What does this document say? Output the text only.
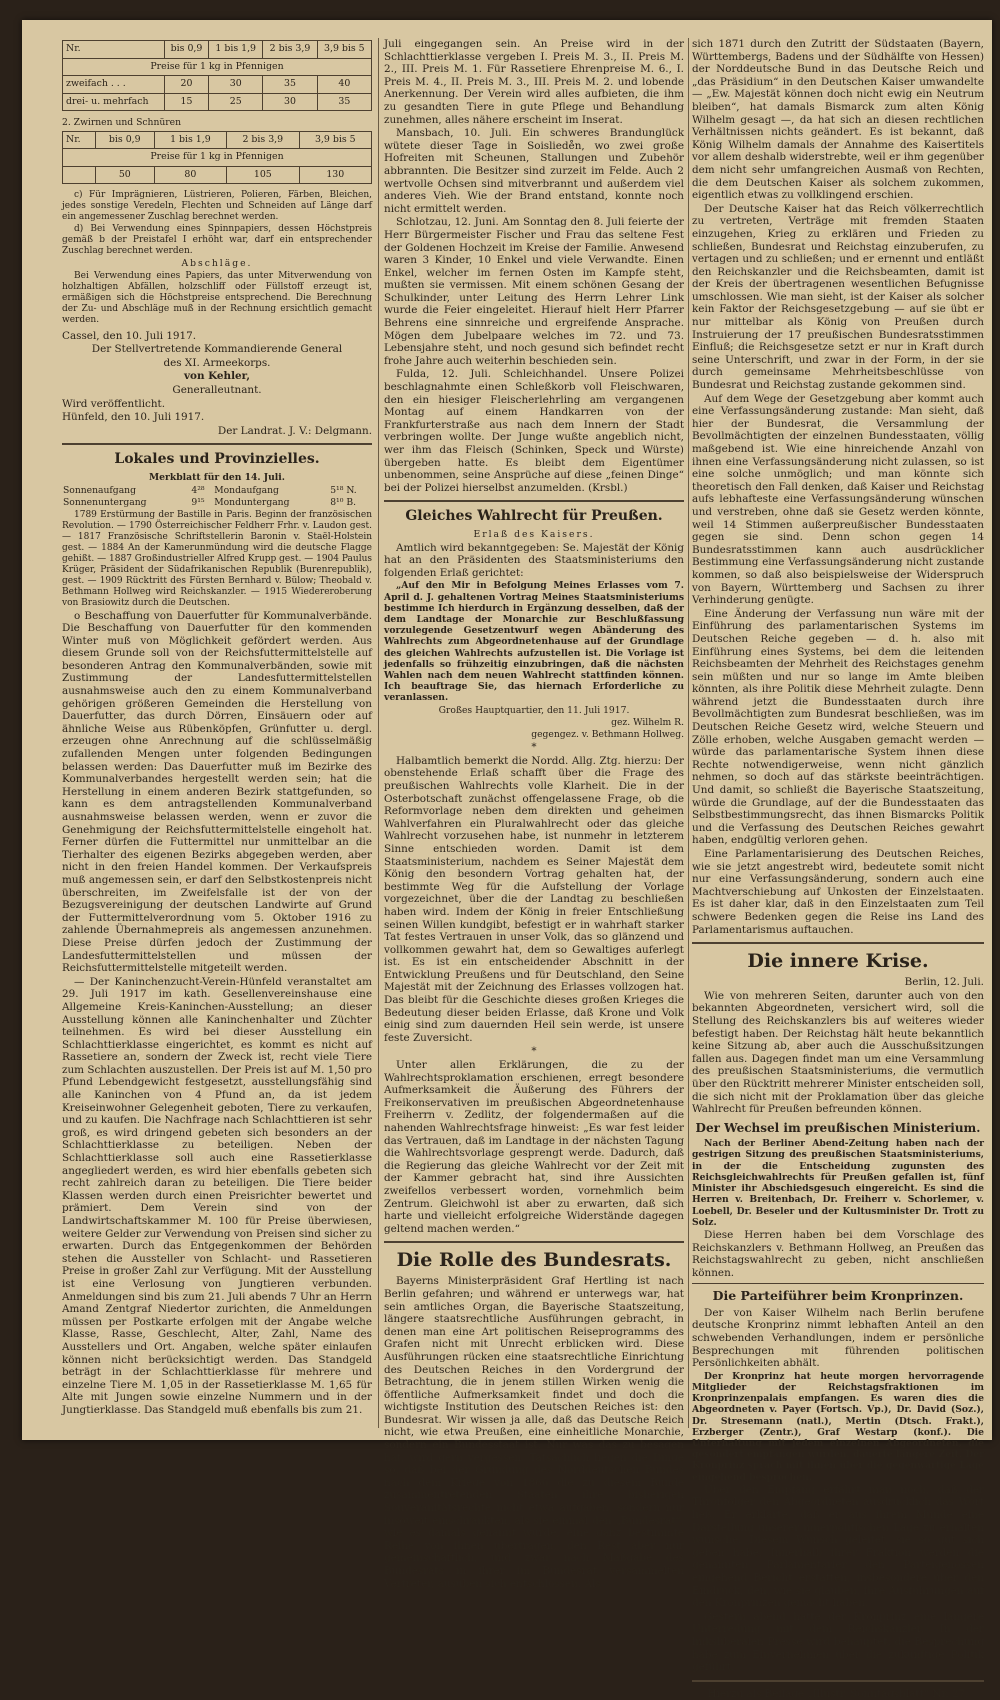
Nr.	bis 0,9	1 bis 1,9	2 bis 3,9	3,9 bis 5
Preise für 1 kg in Pfennigen				
zweifach . . .	20	30	35	40
drei- u. mehrfach	15	25	30	35

2. Zwirnen und Schnüren

Nr.	bis 0,9	1 bis 1,9	2 bis 3,9	3,9 bis 5
Preise für 1 kg in Pfennigen				
	50	80	105	130

c) Für Imprägnieren, Lüstrieren, Polieren, Färben, Bleichen, jedes sonstige Veredeln, Flechten und Schneiden auf Länge darf ein angemessener Zuschlag berechnet werden.

d) Bei Verwendung eines Spinnpapiers, dessen Höchstpreis gemäß b der Preistafel I erhöht war, darf ein entsprechender Zuschlag berechnet werden.

Abschläge.

Bei Verwendung eines Papiers, das unter Mitverwendung von holzhaltigen Abfällen, holzschliff oder Füllstoff erzeugt ist, ermäßigen sich die Höchstpreise entsprechend. Die Berechnung der Zu- und Abschläge muß in der Rechnung ersichtlich gemacht werden.

Cassel, den 10. Juli 1917.

Der Stellvertretende Kommandierende General

des XI. Armeekorps.

von Kehler,

Generalleutnant.

Wird veröffentlicht.

Hünfeld, den 10. Juli 1917.

Der Landrat. J. V.: Delgmann.

Lokales und Provinzielles.

Merkblatt für den 14. Juli.

Sonnenaufgang	4²⁸	Mondaufgang	5¹⁸ N.
Sonnenuntergang	9¹⁵	Monduntergang	8¹⁰ B.

1789 Erstürmung der Bastille in Paris. Beginn der französischen Revolution. — 1790 Österreichischer Feldherr Frhr. v. Laudon gest. — 1817 Französische Schriftstellerin Baronin v. Staël-Holstein gest. — 1884 An der Kamerunmündung wird die deutsche Flagge gehißt. — 1887 Großindustrieller Alfred Krupp gest. — 1904 Paulus Krüger, Präsident der Südafrikanischen Republik (Burenrepublik), gest. — 1909 Rücktritt des Fürsten Bernhard v. Bülow; Theobald v. Bethmann Hollweg wird Reichskanzler. — 1915 Wiedereroberung von Brasiowitz durch die Deutschen.

o Beschaffung von Dauerfutter für Kommunalverbände. Die Beschaffung von Dauerfutter für den kommenden Winter muß von Möglichkeit gefördert werden. Aus diesem Grunde soll von der Reichsfuttermittelstelle auf besonderen Antrag den Kommunalverbänden, sowie mit Zustimmung der Landesfuttermittelstellen ausnahmsweise auch den zu einem Kommunalverband gehörigen größeren Gemeinden die Herstellung von Dauerfutter, das durch Dörren, Einsäuern oder auf ähnliche Weise aus Rübenköpfen, Grünfutter u. dergl. erzeugen ohne Anrechnung auf die schlüsselmäßig zufallenden Mengen unter folgenden Bedingungen belassen werden: Das Dauerfutter muß im Bezirke des Kommunalverbandes hergestellt werden sein; hat die Herstellung in einem anderen Bezirk stattgefunden, so kann es dem antragstellenden Kommunalverband ausnahmsweise belassen werden, wenn er zuvor die Genehmigung der Reichsfuttermittelstelle eingeholt hat. Ferner dürfen die Futtermittel nur unmittelbar an die Tierhalter des eigenen Bezirks abgegeben werden, aber nicht in den freien Handel kommen. Der Verkaufspreis muß angemessen sein, er darf den Selbstkostenpreis nicht überschreiten, im Zweifelsfalle ist der von der Bezugsvereinigung der deutschen Landwirte auf Grund der Futtermittelverordnung vom 5. Oktober 1916 zu zahlende Übernahmepreis als angemessen anzunehmen. Diese Preise dürfen jedoch der Zustimmung der Landesfuttermittelstellen und müssen der Reichsfuttermittelstelle mitgeteilt werden.

— Der Kaninchenzucht-Verein-Hünfeld veranstaltet am 29. Juli 1917 im kath. Gesellenvereinshause eine Allgemeine Kreis-Kaninchen-Ausstellung; an dieser Ausstellung können alle Kaninchenhalter und Züchter teilnehmen. Es wird bei dieser Ausstellung ein Schlachttierklasse eingerichtet, es kommt es nicht auf Rassetiere an, sondern der Zweck ist, recht viele Tiere zum Schlachten auszustellen. Der Preis ist auf M. 1,50 pro Pfund Lebendgewicht festgesetzt, ausstellungsfähig sind alle Kaninchen von 4 Pfund an, da ist jedem Kreiseinwohner Gelegenheit geboten, Tiere zu verkaufen, und zu kaufen. Die Nachfrage nach Schlachttieren ist sehr groß, es wird dringend gebeten sich besonders an der Schlachttierklasse zu beteiligen. Neben der Schlachttierklasse soll auch eine Rassetierklasse angegliedert werden, es wird hier ebenfalls gebeten sich recht zahlreich daran zu beteiligen. Die Tiere beider Klassen werden durch einen Preisrichter bewertet und prämiert. Dem Verein sind von der Landwirtschaftskammer M. 100 für Preise überwiesen, weitere Gelder zur Verwendung von Preisen sind sicher zu erwarten. Durch das Entgegenkommen der Behörden stehen die Aussteller von Schlacht- und Rassetieren Preise in großer Zahl zur Verfügung. Mit der Ausstellung ist eine Verlosung von Jungtieren verbunden. Anmeldungen sind bis zum 21. Juli abends 7 Uhr an Herrn Amand Zentgraf Niedertor zurichten, die Anmeldungen müssen per Postkarte erfolgen mit der Angabe welche Klasse, Rasse, Geschlecht, Alter, Zahl, Name des Ausstellers und Ort. Angaben, welche später einlaufen können nicht berücksichtigt werden. Das Standgeld beträgt in der Schlachttierklasse für mehrere und einzelne Tiere M. 1,05 in der Rassetierklasse M. 1,65 für Alte mit Jungen sowie einzelne Nummern und in der Jungtierklasse. Das Standgeld muß ebenfalls bis zum 21.

Juli eingegangen sein. An Preise wird in der Schlachttierklasse vergeben I. Preis M. 3., II. Preis M. 2., III. Preis M. 1. Für Rassetiere Ehrenpreise M. 6., I. Preis M. 4., II. Preis M. 3., III. Preis M. 2. und lobende Anerkennung. Der Verein wird alles aufbieten, die ihm zu gesandten Tiere in gute Pflege und Behandlung zunehmen, alles nähere erscheint im Inserat.

Mansbach, 10. Juli. Ein schweres Brandunglück wütete dieser Tage in Soisliede̊n, wo zwei große Hofreiten mit Scheunen, Stallungen und Zubehör abbrannten. Die Besitzer sind zurzeit im Felde. Auch 2 wertvolle Ochsen sind mitverbrannt und außerdem viel anderes Vieh. Wie der Brand entstand, konnte noch nicht ermittelt werden.

Schlotzau, 12. Juni. Am Sonntag den 8. Juli feierte der Herr Bürgermeister Fischer und Frau das seltene Fest der Goldenen Hochzeit im Kreise der Familie. Anwesend waren 3 Kinder, 10 Enkel und viele Verwandte. Einen Enkel, welcher im fernen Osten im Kampfe steht, mußten sie vermissen. Mit einem schönen Gesang der Schulkinder, unter Leitung des Herrn Lehrer Link wurde die Feier eingeleitet. Hierauf hielt Herr Pfarrer Behrens eine sinnreiche und ergreifende Ansprache. Mögen dem Jubelpaare welches im 72. und 73. Lebensjahre steht, und noch gesund sich befindet recht frohe Jahre auch weiterhin beschieden sein.

Fulda, 12. Juli. Schleichhandel. Unsere Polizei beschlagnahmte einen Schleßkorb voll Fleischwaren, den ein hiesiger Fleischerlehrling am vergangenen Montag auf einem Handkarren von der Frankfurterstraße aus nach dem Innern der Stadt verbringen wollte. Der Junge wußte angeblich nicht, wer ihm das Fleisch (Schinken, Speck und Würste) übergeben hatte. Es bleibt dem Eigentümer unbenommen, seine Ansprüche auf diese „feinen Dinge“ bei der Polizei hierselbst anzumelden. (Krsbl.)

Gleiches Wahlrecht für Preußen.

Erlaß des Kaisers.

Amtlich wird bekanntgegeben: Se. Majestät der König hat an den Präsidenten des Staatsministeriums den folgenden Erlaß gerichtet:

„Auf den Mir in Befolgung Meines Erlasses vom 7. April d. J. gehaltenen Vortrag Meines Staatsministeriums bestimme Ich hierdurch in Ergänzung desselben, daß der dem Landtage der Monarchie zur Beschlußfassung vorzulegende Gesetzentwurf wegen Abänderung des Wahlrechts zum Abgeordnetenhause auf der Grundlage des gleichen Wahlrechts aufzustellen ist. Die Vorlage ist jedenfalls so frühzeitig einzubringen, daß die nächsten Wahlen nach dem neuen Wahlrecht stattfinden können. Ich beauftrage Sie, das hiernach Erforderliche zu veranlassen.

Großes Hauptquartier, den 11. Juli 1917.

gez. Wilhelm R.

gegengez. v. Bethmann Hollweg.

*

Halbamtlich bemerkt die Nordd. Allg. Ztg. hierzu: Der obenstehende Erlaß schafft über die Frage des preußischen Wahlrechts volle Klarheit. Die in der Osterbotschaft zunächst offengelassene Frage, ob die Reformvorlage neben dem direkten und geheimen Wahlverfahren ein Pluralwahlrecht oder das gleiche Wahlrecht vorzusehen habe, ist nunmehr in letzterem Sinne entschieden worden. Damit ist dem Staatsministerium, nachdem es Seiner Majestät dem König den besondern Vortrag gehalten hat, der bestimmte Weg für die Aufstellung der Vorlage vorgezeichnet, über die der Landtag zu beschließen haben wird. Indem der König in freier Entschließung seinen Willen kundgibt, befestigt er in wahrhaft starker Tat festes Vertrauen in unser Volk, das so glänzend und vollkommen gewahrt hat, dem so Gewaltiges auferlegt ist. Es ist ein entscheidender Abschnitt in der Entwicklung Preußens und für Deutschland, den Seine Majestät mit der Zeichnung des Erlasses vollzogen hat. Das bleibt für die Geschichte dieses großen Krieges die Bedeutung dieser beiden Erlasse, daß Krone und Volk einig sind zum dauernden Heil sein werde, ist unsere feste Zuversicht.

*

Unter allen Erklärungen, die zu der Wahlrechtsproklamation erschienen, erregt besondere Aufmerksamkeit die Äußerung des Führers der Freikonservativen im preußischen Abgeordnetenhause Freiherrn v. Zedlitz, der folgendermaßen auf die nahenden Wahlrechtsfrage hinweist: „Es war fest leider das Vertrauen, daß im Landtage in der nächsten Tagung die Wahlrechtsvorlage gesprengt werde. Dadurch, daß die Regierung das gleiche Wahlrecht vor der Zeit mit der Kammer gebracht hat, sind ihre Aussichten zweifellos verbessert worden, vornehmlich beim Zentrum. Gleichwohl ist aber zu erwarten, daß sich harte und vielleicht erfolgreiche Widerstände dagegen geltend machen werden.“

Die Rolle des Bundesrats.

Bayerns Ministerpräsident Graf Hertling ist nach Berlin gefahren; und während er unterwegs war, hat sein amtliches Organ, die Bayerische Staatszeitung, längere staatsrechtliche Ausführungen gebracht, in denen man eine Art politischen Reiseprogramms des Grafen nicht mit Unrecht erblicken wird. Diese Ausführungen rücken eine staatsrechtliche Einrichtung des Deutschen Reiches in den Vordergrund der Betrachtung, die in jenem stillen Wirken wenig die öffentliche Aufmerksamkeit findet und doch die wichtigste Institution des Deutschen Reiches ist: den Bundesrat. Wir wissen ja alle, daß das Deutsche Reich nicht, wie etwa Preußen, eine einheitliche Monarchie, sondern ein Bundesstaat ist. Nur was das zu besagen hat, wird gern vergessen. Tatsächlich liegen die Dinge so, daß bei der Gründung des Norddeutschen Bundes nach dem Kriege von 1866 die zu diesem Bunde zusammentretenden Staaten ihre bisherigen Souveränitätsrechte nicht etwa aufgaben, sondern nur insoweit einschränkten, als sie einmal den „Bundesrat“, wie es damals genannt wurde, eine ganz bestimmte Reihe von ihnen übertragen, den Rest aber nur gemeinschaftlich, und zwar nach Maßgabe des Bundesrats in ihrer im Bundesrat versammelten Vertreter, ausüben sich entschlossen. Als

sich 1871 durch den Zutritt der Südstaaten (Bayern, Württembergs, Badens und der Südhälfte von Hessen) der Norddeutsche Bund in das Deutsche Reich und „das Präsidium“ in den Deutschen Kaiser umwandelte — „Ew. Majestät können doch nicht ewig ein Neutrum bleiben“, hat damals Bismarck zum alten König Wilhelm gesagt —, da hat sich an diesen rechtlichen Verhältnissen nichts geändert. Es ist bekannt, daß König Wilhelm damals der Annahme des Kaisertitels vor allem deshalb widerstrebte, weil er ihm gegenüber dem nicht sehr umfangreichen Ausmaß von Rechten, die dem Deutschen Kaiser als solchem zukommen, eigentlich etwas zu vollklingend erschien.

Der Deutsche Kaiser hat das Reich völkerrechtlich zu vertreten, Verträge mit fremden Staaten einzugehen, Krieg zu erklären und Frieden zu schließen, Bundesrat und Reichstag einzuberufen, zu vertagen und zu schließen; und er ernennt und entläßt den Reichskanzler und die Reichsbeamten, damit ist der Kreis der übertragenen wesentlichen Befugnisse umschlossen. Wie man sieht, ist der Kaiser als solcher kein Faktor der Reichsgesetzgebung — auf sie übt er nur mittelbar als König von Preußen durch Instruierung der 17 preußischen Bundesratsstimmen Einfluß; die Reichsgesetze setzt er nur in Kraft durch seine Unterschrift, und zwar in der Form, in der sie durch gemeinsame Mehrheitsbeschlüsse von Bundesrat und Reichstag zustande gekommen sind.

Auf dem Wege der Gesetzgebung aber kommt auch eine Verfassungsänderung zustande: Man sieht, daß hier der Bundesrat, die Versammlung der Bevollmächtigten der einzelnen Bundesstaaten, völlig maßgebend ist. Wie eine hinreichende Anzahl von ihnen eine Verfassungsänderung nicht zulassen, so ist eine solche unmöglich; und man könnte sich theoretisch den Fall denken, daß Kaiser und Reichstag aufs lebhafteste eine Verfassungsänderung wünschen und verstreben, ohne daß sie Gesetz werden könnte, weil 14 Stimmen außerpreußischer Bundesstaaten gegen sie sind. Denn schon gegen 14 Bundesratsstimmen kann auch ausdrücklicher Bestimmung eine Verfassungsänderung nicht zustande kommen, so daß also beispielsweise der Widerspruch von Bayern, Württemberg und Sachsen zu ihrer Verhinderung genügte.

Eine Änderung der Verfassung nun wäre mit der Einführung des parlamentarischen Systems im Deutschen Reiche gegeben — d. h. also mit Einführung eines Systems, bei dem die leitenden Reichsbeamten der Mehrheit des Reichstages genehm sein müßten und nur so lange im Amte bleiben könnten, als ihre Politik diese Mehrheit zulagte. Denn während jetzt die Bundesstaaten durch ihre Bevollmächtigten zum Bundesrat beschließen, was im Deutschen Reiche Gesetz wird, welche Steuern und Zölle erhoben, welche Ausgaben gemacht werden — würde das parlamentarische System ihnen diese Rechte notwendigerweise, wenn nicht gänzlich nehmen, so doch auf das stärkste beeinträchtigen. Und damit, so schließt die Bayerische Staatszeitung, würde die Grundlage, auf der die Bundesstaaten das Selbstbestimmungsrecht, das ihnen Bismarcks Politik und die Verfassung des Deutschen Reiches gewahrt haben, endgültig verloren gehen.

Eine Parlamentarisierung des Deutschen Reiches, wie sie jetzt angestrebt wird, bedeutete somit nicht nur eine Verfassungsänderung, sondern auch eine Machtverschiebung auf Unkosten der Einzelstaaten. Es ist daher klar, daß in den Einzelstaaten zum Teil schwere Bedenken gegen die Reise ins Land des Parlamentarismus auftauchen.

Die innere Krise.

Berlin, 12. Juli.

Wie von mehreren Seiten, darunter auch von den bekannten Abgeordneten, versichert wird, soll die Stellung des Reichskanzlers bis auf weiteres wieder befestigt haben. Der Reichstag hält heute bekanntlich keine Sitzung ab, aber auch die Ausschußsitzungen fallen aus. Dagegen findet man um eine Versammlung des preußischen Staatsministeriums, die vermutlich über den Rücktritt mehrerer Minister entscheiden soll, die sich nicht mit der Proklamation über das gleiche Wahlrecht für Preußen befreunden können.

Der Wechsel im preußischen Ministerium.

Nach der Berliner Abend-Zeitung haben nach der gestrigen Sitzung des preußischen Staatsministeriums, in der die Entscheidung zugunsten des Reichsgleichwahlrechts für Preußen gefallen ist, fünf Minister ihr Abschiedsgesuch eingereicht. Es sind die Herren v. Breitenbach, Dr. Freiherr v. Schorlemer, v. Loebell, Dr. Beseler und der Kultusminister Dr. Trott zu Solz.

Diese Herren haben bei dem Vorschlage des Reichskanzlers v. Bethmann Hollweg, an Preußen das Reichstagswahlrecht zu geben, nicht anschließen können.

Die Parteiführer beim Kronprinzen.

Der von Kaiser Wilhelm nach Berlin berufene deutsche Kronprinz nimmt lebhaften Anteil an den schwebenden Verhandlungen, indem er persönliche Besprechungen mit führenden politischen Persönlichkeiten abhält.

Der Kronprinz hat heute morgen hervorragende Mitglieder der Reichstagsfraktionen im Kronprinzenpalais empfangen. Es waren dies die Abgeordneten v. Payer (Fortsch. Vp.), Dr. David (Soz.), Dr. Stresemann (natl.), Mertin (Dtsch. Frakt.), Erzberger (Zentr.), Graf Westarp (konf.). Die Unterhaltung mit jedem einzelnen Abgeordneten, die gesondert empfangen wurden, dauerte längere Zeit. Der Kronprinz sprach mit ihnen über die gegenwärtige Lage eingehend besprochen.

Über den Empfang erfährt man noch, daß der Thronfolger den Abgeordneten ausdrücklich das Wort ließ. Er erklärte, daß er aus ihrem Munde eine Darstellung unserer innerpolitischen Lage zu erhalten wünsche. Diesem Wunsch geleitet, sie so gut sich geben habe. Innerhalb ihrer Fraktion werden die genannten Parlamentarier den Parteigenossen eingehend Bericht erstatten, insbesondere über den Eindruck, den, wie sie glauben, ihre Ausführungen auf den Kronprinzen gemacht haben.

Gestern abend hatte der Kronprinz eine längere Unterredung mit dem Reichskanzler. In der linksliberalen Presse wird behauptet, die Besprechung habe zum Einvernehmen über die zukünftige Politik geführt.

Hierzu als Beilage „Illustr. Sonntagsblatt“ Nr. 27.
